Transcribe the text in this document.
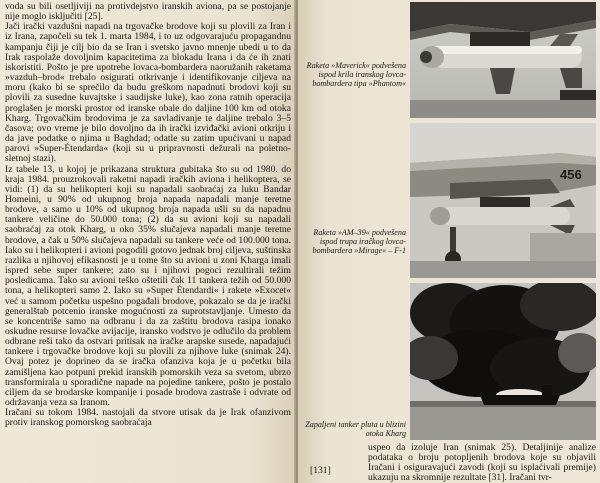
voda su bili osetljiviji na protivdejstvo iranskih aviona, pa se postojanje nije moglo isključiti [25].

Jači irački vazdušni napadi na trgovačke brodove koji su plovili za Iran i iz Irana, započeli su tek 1. marta 1984, i to uz odgovarajuću propagandnu kampanju čiji je cilj bio da se Iran i svetsko javno mnenje ubedi u to da Irak raspolaže dovoljnim kapacitetima za blokadu Irana i da će ih znati iskoristiti. Pošto je pre upotrebe lovaca-bombardera naoružanih raketama »vazduh–brod« trebalo osigurati otkrivanje i identifikovanje ciljeva na moru (kako bi se sprečilo da budu greškom napadnuti brodovi koji su plovili za susedne kuvajtske i saudijske luke), kao zona ratnih operacija proglašen je morski prostor od iranske obale do daljine 100 km od otoka Kharg. Trgovačkim brodovima je za savladivanje te daljine trebalo 3–5 časova; ovo vreme je bilo dovoljno da ih irački izviđački avioni otkriju i da jave podatke o njima u Baghdad; odatle su zatim upućivani u napad parovi »Super-Étendarda« (koji su u pripravnosti dežurali na poletno-sletnoj stazi).

Iz tabele 13, u kojoj je prikazana struktura gubitaka što su od 1980. do kraja 1984. prouzrokovali raketni napadi iračkih aviona i helikoptera, se vidi: (1) da su helikopteri koji su napadali saobraćaj za luku Bandar Homeini, u 90% od ukupnog broja napada napadali manje teretne brodove, a samo u 10% od ukupnog broja napada ušli su da napadnu tankere veličine do 50.000 tona; (2) da su avioni koji su napadali saobraćaj za otok Kharg, u oko 35% slučajeva napadali manje teretne brodove, a čak u 50% slučajeva napadali su tankere veće od 100.000 tona. Iako su i helikopteri i avioni pogodili gotovo jednak broj ciljeva, suštinska razlika u njihovoj efikasnosti je u tome što su avioni u zoni Kharga imali ispred sebe super tankere; zato su i njihovi pogoci rezultirali težim posledicama. Tako su avioni teško oštetili čak 11 tankera težih od 50.000 tona, a helikopteri samo 2. Iako su »Super Étendardi« i rakete »Exocet« već u samom početku uspešno pogađali brodove, pokazalo se da je irački generalštab potcenio iranske mogućnosti za suprotstavljanje. Umesto da se koncentriše samo na odbranu i da za zaštitu brodova rasipa ionako oskudne resurse lovačke avijacije, iransko vodstvo je odlučilo da problem odbrane reši tako da ostvari pritisak na iračke arapske susede, napadajući tankere i trgovačke brodove koji su plovili za njihove luke (snimak 24). Ovaj potez je doprineo da se iračka ofanziva koja je u početku bila zamišljena kao potpuni prekid iranskih pomorskih veza sa svetom, ubrzo transformirala u sporadične napade na pojedine tankere, pošto je postalo ciljem da se brodarske kompanije i posade brodova zastraše i odvrate od održavanja veza sa Iranom.

Iračani su tokom 1984. nastojali da stvore utisak da je Irak ofanzivom protiv iranskog pomorskog saobraćaja

Raketa »Maverick« podvešena ispod krila iranskog lovca-bombardera tipa »Phantom«
456
Raketa »AM–39« podvešena ispod trupa iračkog lovca-bombardera »Mirage« – F-1
Zapaljeni tanker pluta u blizini otoka Kharg
uspeo da izoluje Iran (snimak 25). Detaljinije analize podataka o broju potopljenih brodova koje su objavili Iračani i osiguravajući zavodi (koji su isplaćivali premije) ukazuju na skromnije rezultate [31]. Iračani tvr-
[131]
